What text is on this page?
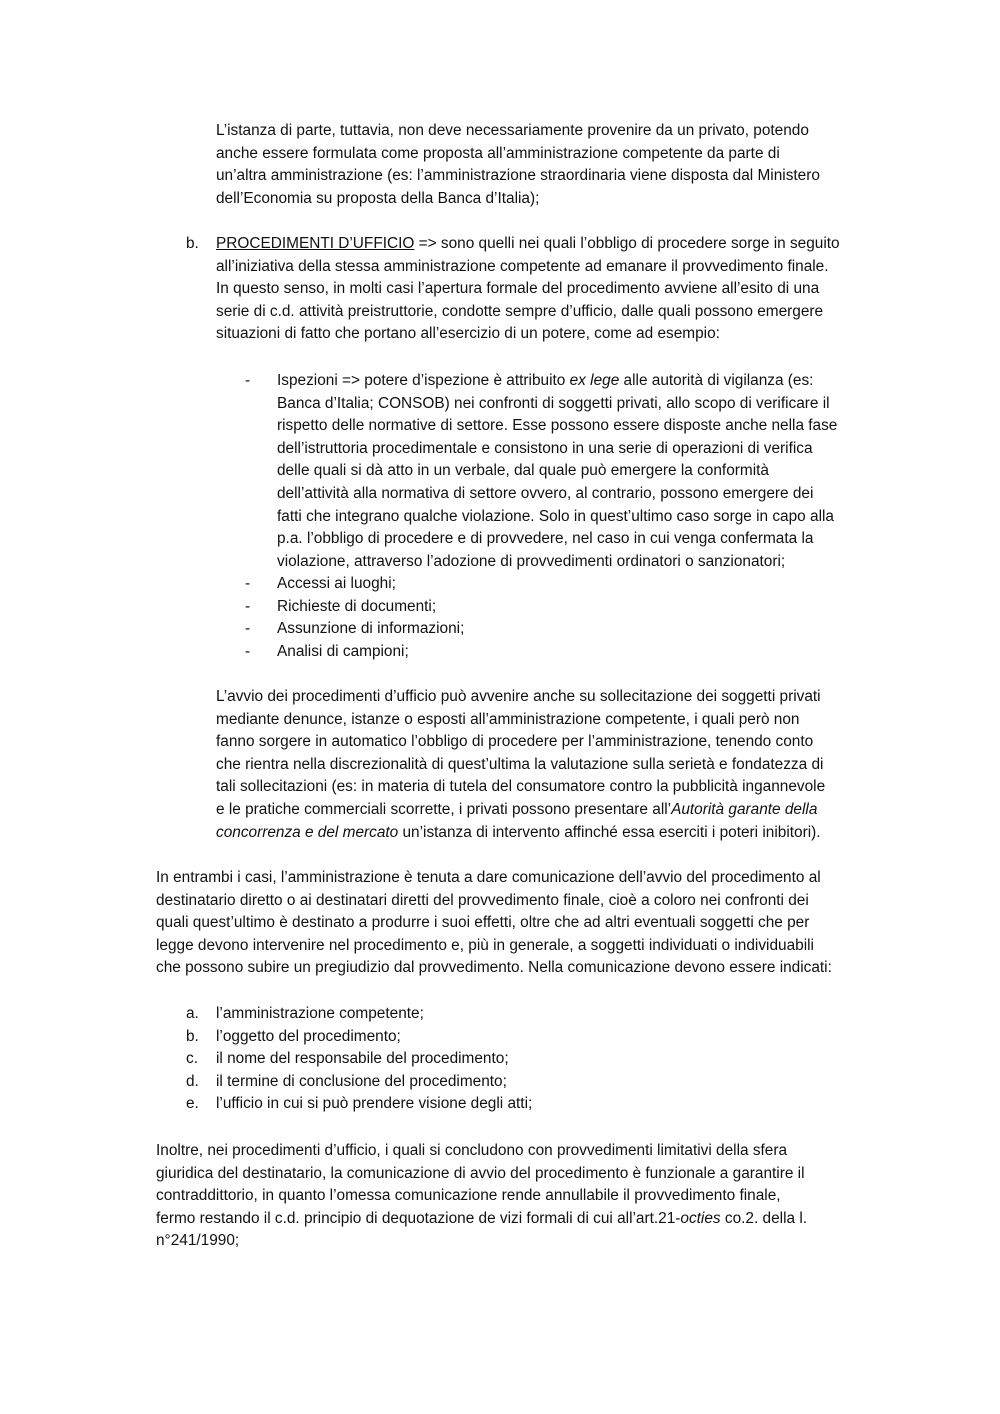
L’istanza di parte, tuttavia, non deve necessariamente provenire da un privato, potendo
anche essere formulata come proposta all’amministrazione competente da parte di
un’altra amministrazione (es: l’amministrazione straordinaria viene disposta dal Ministero
dell’Economia su proposta della Banca d’Italia);
b. PROCEDIMENTI D’UFFICIO => sono quelli nei quali l’obbligo di procedere sorge in seguito
all’iniziativa della stessa amministrazione competente ad emanare il provvedimento finale.
In questo senso, in molti casi l’apertura formale del procedimento avviene all’esito di una
serie di c.d. attività preistruttorie, condotte sempre d’ufficio, dalle quali possono emergere
situazioni di fatto che portano all’esercizio di un potere, come ad esempio:
- Ispezioni => potere d’ispezione è attribuito ex lege alle autorità di vigilanza (es:
Banca d’Italia; CONSOB) nei confronti di soggetti privati, allo scopo di verificare il
rispetto delle normative di settore. Esse possono essere disposte anche nella fase
dell’istruttoria procedimentale e consistono in una serie di operazioni di verifica
delle quali si dà atto in un verbale, dal quale può emergere la conformità
dell’attività alla normativa di settore ovvero, al contrario, possono emergere dei
fatti che integrano qualche violazione. Solo in quest’ultimo caso sorge in capo alla
p.a. l’obbligo di procedere e di provvedere, nel caso in cui venga confermata la
violazione, attraverso l’adozione di provvedimenti ordinatori o sanzionatori;
- Accessi ai luoghi;
- Richieste di documenti;
- Assunzione di informazioni;
- Analisi di campioni;
L’avvio dei procedimenti d’ufficio può avvenire anche su sollecitazione dei soggetti privati
mediante denunce, istanze o esposti all’amministrazione competente, i quali però non
fanno sorgere in automatico l’obbligo di procedere per l’amministrazione, tenendo conto
che rientra nella discrezionalità di quest’ultima la valutazione sulla serietà e fondatezza di
tali sollecitazioni (es: in materia di tutela del consumatore contro la pubblicità ingannevole
e le pratiche commerciali scorrette, i privati possono presentare all’Autorità garante della
concorrenza e del mercato un’istanza di intervento affinché essa eserciti i poteri inibitori).
In entrambi i casi, l’amministrazione è tenuta a dare comunicazione dell’avvio del procedimento al
destinatario diretto o ai destinatari diretti del provvedimento finale, cioè a coloro nei confronti dei
quali quest’ultimo è destinato a produrre i suoi effetti, oltre che ad altri eventuali soggetti che per
legge devono intervenire nel procedimento e, più in generale, a soggetti individuati o individuabili
che possono subire un pregiudizio dal provvedimento. Nella comunicazione devono essere indicati:
a. l’amministrazione competente;
b. l’oggetto del procedimento;
c. il nome del responsabile del procedimento;
d. il termine di conclusione del procedimento;
e. l’ufficio in cui si può prendere visione degli atti;
Inoltre, nei procedimenti d’ufficio, i quali si concludono con provvedimenti limitativi della sfera
giuridica del destinatario, la comunicazione di avvio del procedimento è funzionale a garantire il
contraddittorio, in quanto l’omessa comunicazione rende annullabile il provvedimento finale,
fermo restando il c.d. principio di dequotazione de vizi formali di cui all’art.21-octies co.2. della l.
n°241/1990;
